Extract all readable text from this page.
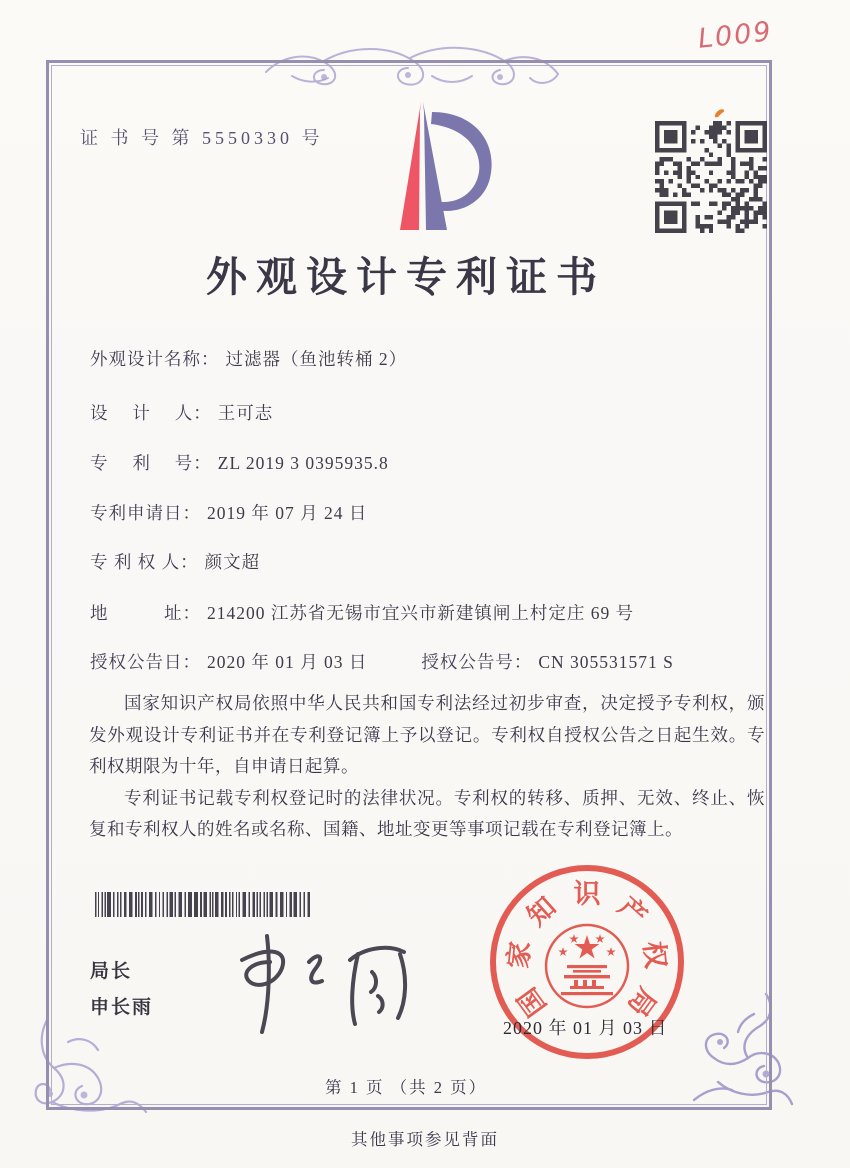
L009
证 书 号 第 5550330 号
外观设计专利证书
外观设计名称： 过滤器（鱼池转桶 2）
设　 计 　人： 王可志
专　 利 　号： ZL 2019 3 0395935.8
专利申请日： 2019 年 07 月 24 日
专 利 权 人： 颜文超
地　　　址： 214200 江苏省无锡市宜兴市新建镇闸上村定庄 69 号
授权公告日： 2020 年 01 月 03 日	授权公告号： CN 305531571 S

国家知识产权局依照中华人民共和国专利法经过初步审查，决定授予专利权，颁发外观设计专利证书并在专利登记簿上予以登记。专利权自授权公告之日起生效。专利权期限为十年，自申请日起算。

专利证书记载专利权登记时的法律状况。专利权的转移、质押、无效、终止、恢复和专利权人的姓名或名称、国籍、地址变更等事项记载在专利登记簿上。

局长
申长雨	国
家
知 识 产
权
局
2020 年 01 月 03 日
第 1 页 （共 2 页）
其他事项参见背面
